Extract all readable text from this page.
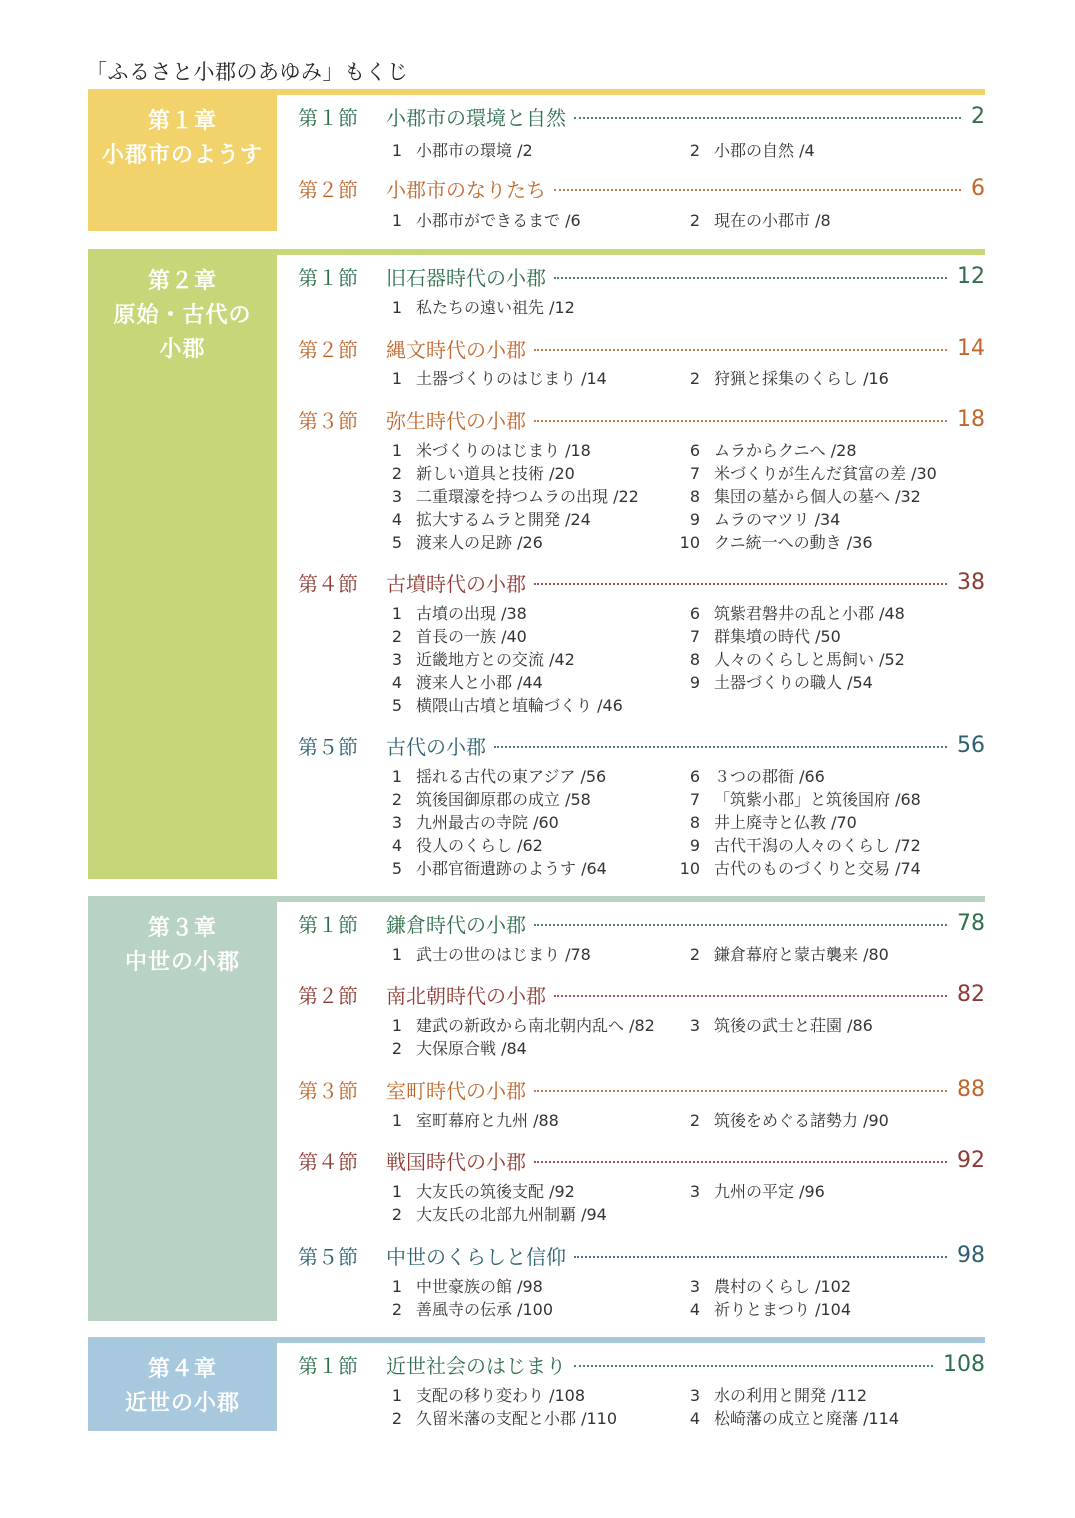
「ふるさと小郡のあゆみ」もくじ
第１章
小郡市のようす
第１節	小郡市の環境と自然	2
1 小郡市の環境 /2	2 小郡の自然 /4
第２節	小郡市のなりたち	6
1 小郡市ができるまで /6	2 現在の小郡市 /8
第２章
原始・古代の
小郡
第１節	旧石器時代の小郡	12
1 私たちの遠い祖先 /12
第２節	縄文時代の小郡	14
1 土器づくりのはじまり /14	2 狩猟と採集のくらし /16
第３節	弥生時代の小郡	18
1 米づくりのはじまり /18
2 新しい道具と技術 /20
3 二重環濠を持つムラの出現 /22
4 拡大するムラと開発 /24
5 渡来人の足跡 /26
6 ムラからクニへ /28
7 米づくりが生んだ貧富の差 /30
8 集団の墓から個人の墓へ /32
9 ムラのマツリ /34
10 クニ統一への動き /36
第４節	古墳時代の小郡	38
1 古墳の出現 /38
2 首長の一族 /40
3 近畿地方との交流 /42
4 渡来人と小郡 /44
5 横隈山古墳と埴輪づくり /46
6 筑紫君磐井の乱と小郡 /48
7 群集墳の時代 /50
8 人々のくらしと馬飼い /52
9 土器づくりの職人 /54
第５節	古代の小郡	56
1 揺れる古代の東アジア /56
2 筑後国御原郡の成立 /58
3 九州最古の寺院 /60
4 役人のくらし /62
5 小郡官衙遺跡のようす /64
6 ３つの郡衙 /66
7 「筑紫小郡」と筑後国府 /68
8 井上廃寺と仏教 /70
9 古代干潟の人々のくらし /72
10 古代のものづくりと交易 /74
第３章
中世の小郡
第１節	鎌倉時代の小郡	78
1 武士の世のはじまり /78	2 鎌倉幕府と蒙古襲来 /80
第２節	南北朝時代の小郡	82
1 建武の新政から南北朝内乱へ /82
2 大保原合戦 /84
3 筑後の武士と荘園 /86
第３節	室町時代の小郡	88
1 室町幕府と九州 /88	2 筑後をめぐる諸勢力 /90
第４節	戦国時代の小郡	92
1 大友氏の筑後支配 /92
2 大友氏の北部九州制覇 /94
3 九州の平定 /96
第５節	中世のくらしと信仰	98
1 中世豪族の館 /98
2 善風寺の伝承 /100
3 農村のくらし /102
4 祈りとまつり /104
第４章
近世の小郡
第１節	近世社会のはじまり	108
1 支配の移り変わり /108
2 久留米藩の支配と小郡 /110
3 水の利用と開発 /112
4 松崎藩の成立と廃藩 /114
